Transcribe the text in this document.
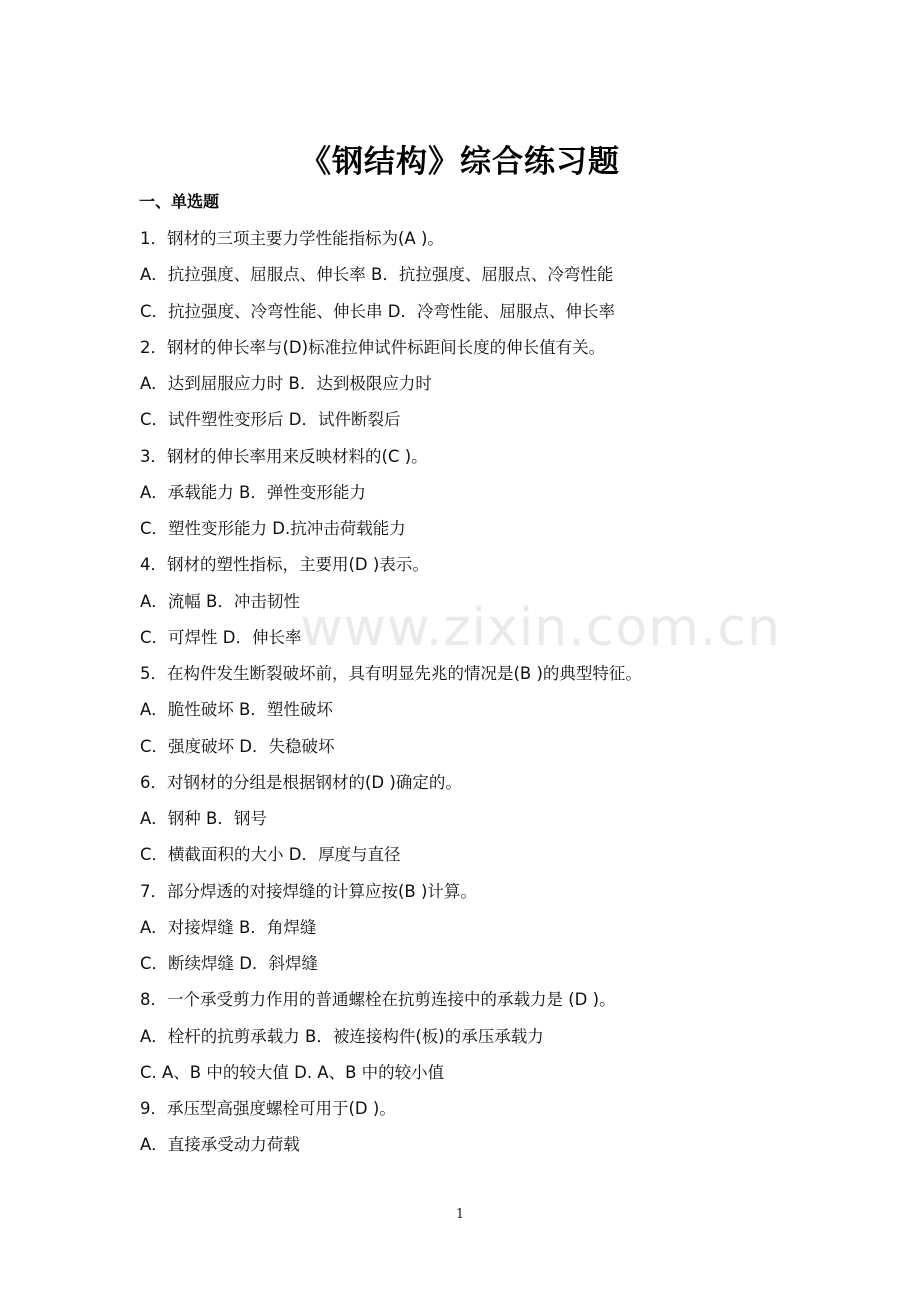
《钢结构》综合练习题
一、单选题
1．钢材的三项主要力学性能指标为(A )。
A．抗拉强度、屈服点、伸长率 B．抗拉强度、屈服点、冷弯性能
C．抗拉强度、冷弯性能、伸长串 D．冷弯性能、屈服点、伸长率
2．钢材的伸长率与(D)标准拉伸试件标距间长度的伸长值有关。
A．达到屈服应力时 B．达到极限应力时
C．试件塑性变形后 D．试件断裂后
3．钢材的伸长率用来反映材料的(C )。
A．承载能力 B．弹性变形能力
C．塑性变形能力 D.抗冲击荷载能力
4．钢材的塑性指标，主要用(D )表示。
A．流幅 B．冲击韧性
C．可焊性 D．伸长率
5．在构件发生断裂破坏前，具有明显先兆的情况是(B )的典型特征。
A．脆性破坏 B．塑性破坏
C．强度破坏 D．失稳破坏
6．对钢材的分组是根据钢材的(D )确定的。
A．钢种 B．钢号
C．横截面积的大小 D．厚度与直径
7．部分焊透的对接焊缝的计算应按(B )计算。
A．对接焊缝 B．角焊缝
C．断续焊缝 D．斜焊缝
8．一个承受剪力作用的普通螺栓在抗剪连接中的承载力是 (D )。
A．栓杆的抗剪承载力 B．被连接构件(板)的承压承载力
C. A、B 中的较大值 D. A、B 中的较小值
9．承压型高强度螺栓可用于(D )。
A．直接承受动力荷载
www.zixin.com.cn
1
